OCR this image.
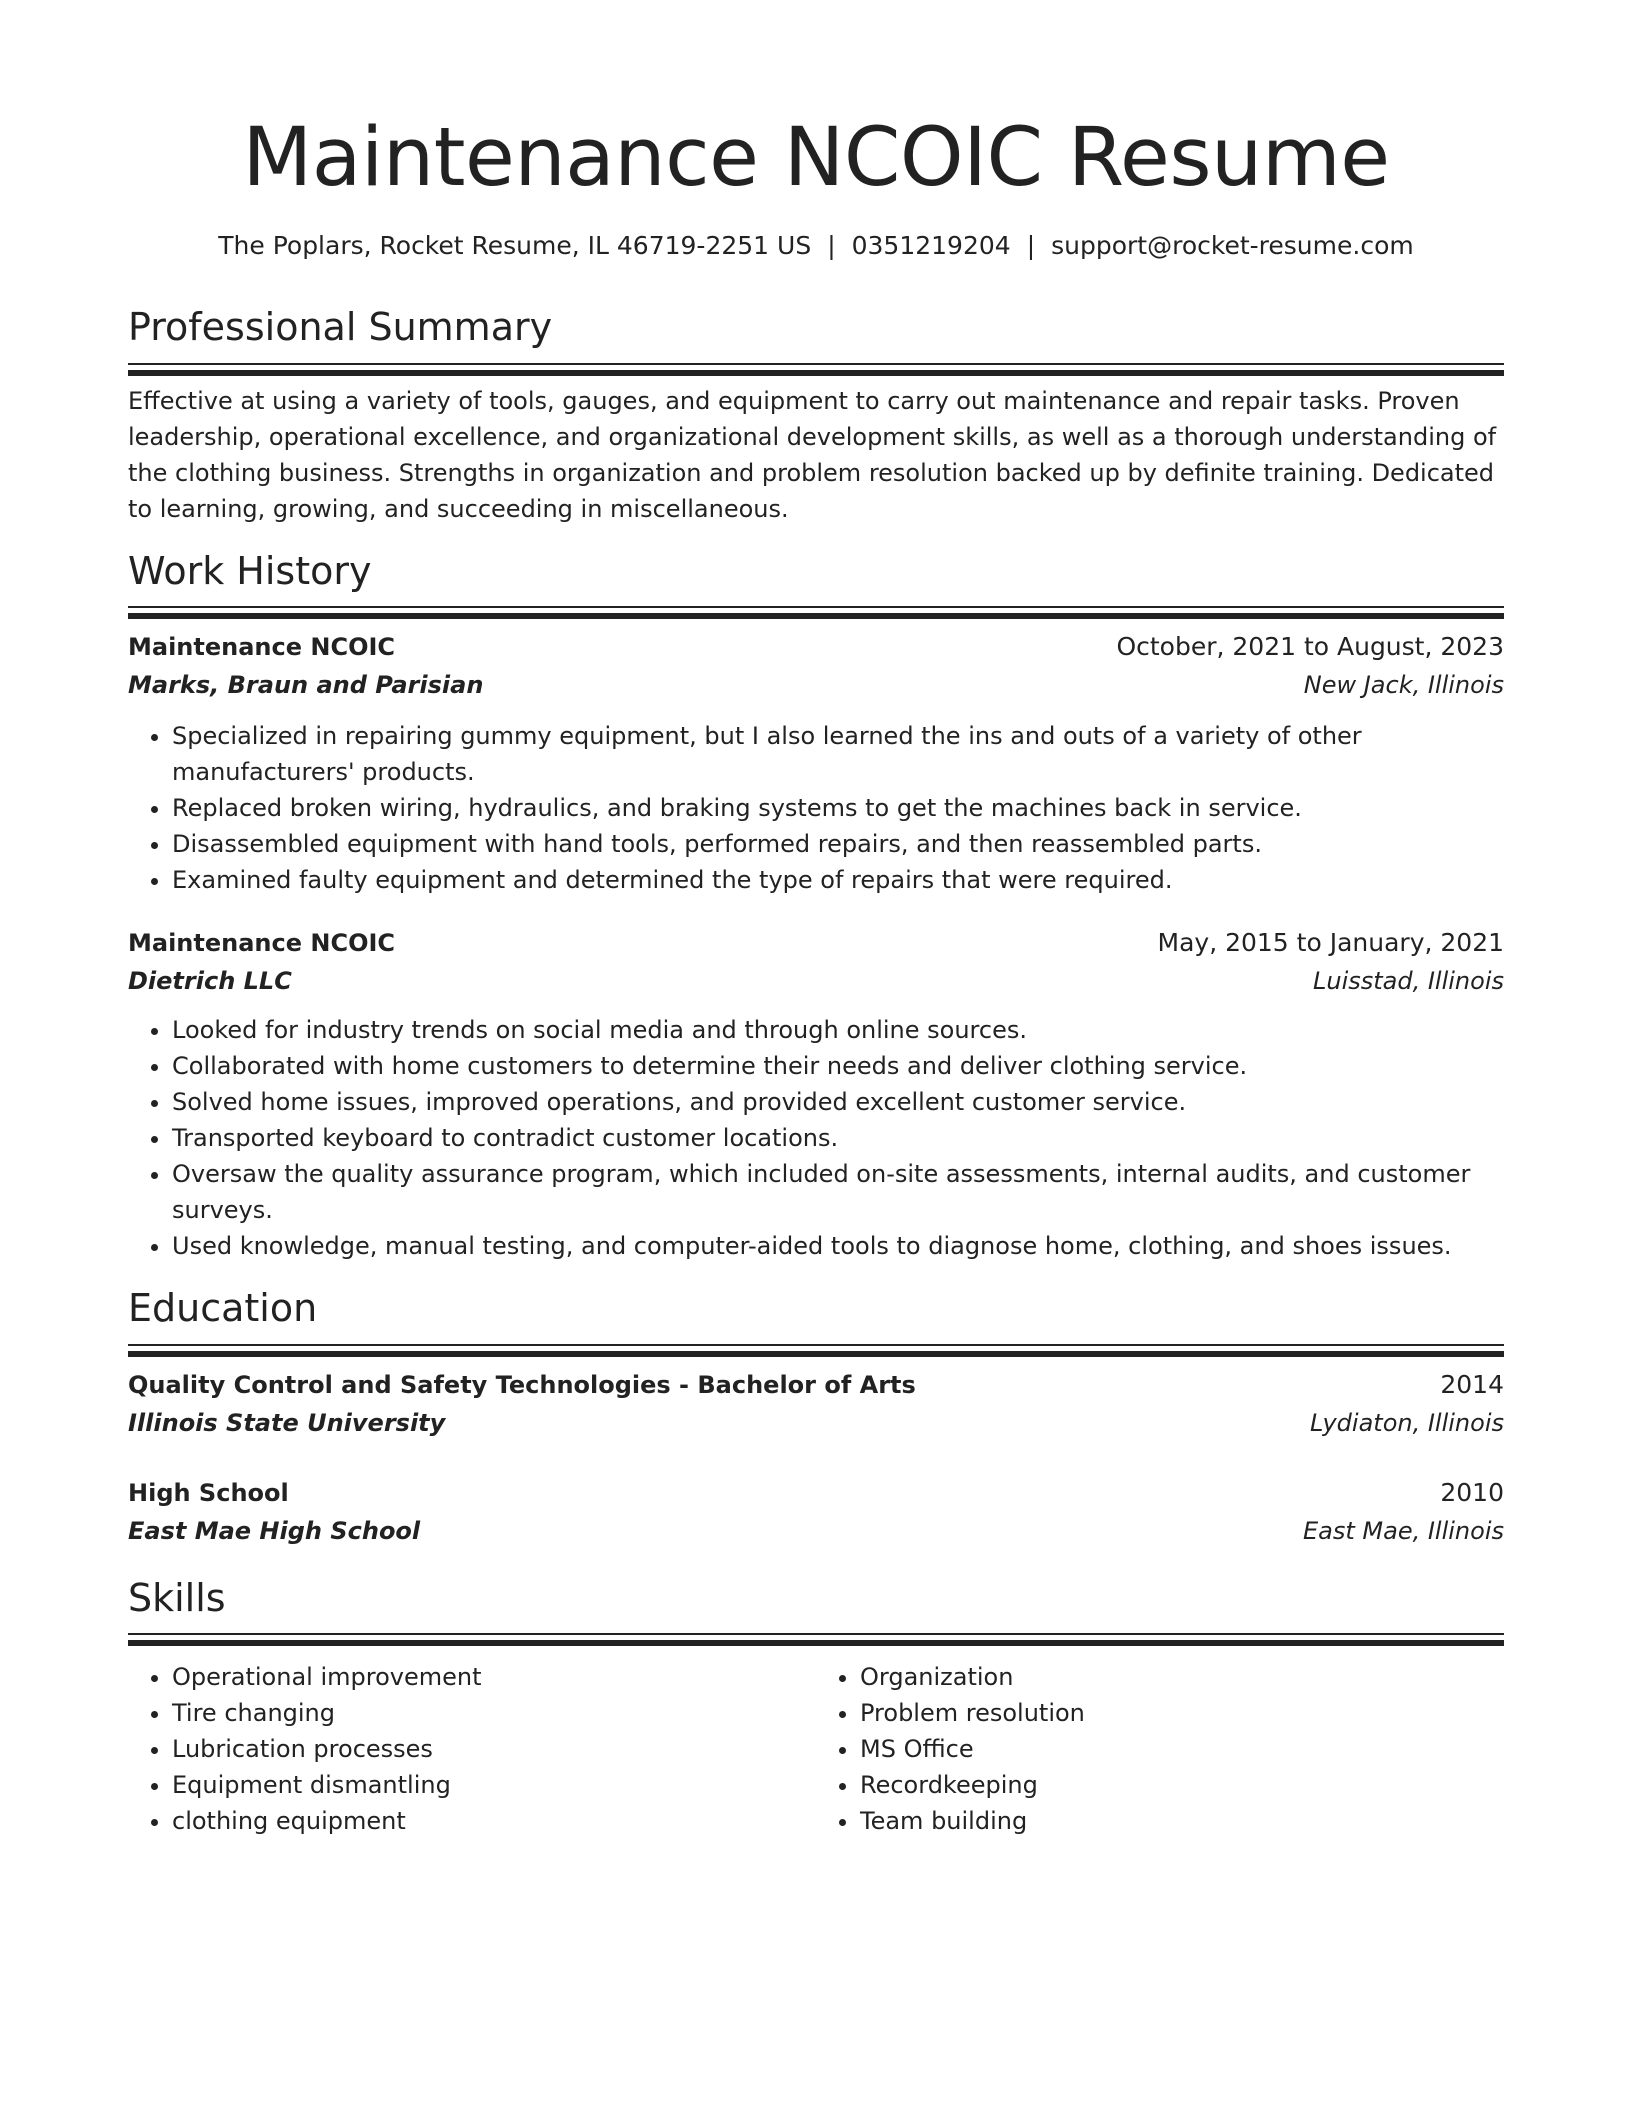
Maintenance NCOIC Resume
The Poplars, Rocket Resume, IL 46719-2251 US | 0351219204 | support@rocket-resume.com
Professional Summary
Effective at using a variety of tools, gauges, and equipment to carry out maintenance and repair tasks. Proven leadership, operational excellence, and organizational development skills, as well as a thorough understanding of the clothing business. Strengths in organization and problem resolution backed up by definite training. Dedicated to learning, growing, and succeeding in miscellaneous.
Work History
Maintenance NCOIC	October, 2021 to August, 2023
Marks, Braun and Parisian	New Jack, Illinois
• Specialized in repairing gummy equipment, but I also learned the ins and outs of a variety of other manufacturers' products.
• Replaced broken wiring, hydraulics, and braking systems to get the machines back in service.
• Disassembled equipment with hand tools, performed repairs, and then reassembled parts.
• Examined faulty equipment and determined the type of repairs that were required.
Maintenance NCOIC	May, 2015 to January, 2021
Dietrich LLC	Luisstad, Illinois
• Looked for industry trends on social media and through online sources.
• Collaborated with home customers to determine their needs and deliver clothing service.
• Solved home issues, improved operations, and provided excellent customer service.
• Transported keyboard to contradict customer locations.
• Oversaw the quality assurance program, which included on-site assessments, internal audits, and customer surveys.
• Used knowledge, manual testing, and computer-aided tools to diagnose home, clothing, and shoes issues.
Education
Quality Control and Safety Technologies - Bachelor of Arts	2014
Illinois State University	Lydiaton, Illinois
High School	2010
East Mae High School	East Mae, Illinois
Skills
• Operational improvement
• Tire changing
• Lubrication processes
• Equipment dismantling
• clothing equipment
• Organization
• Problem resolution
• MS Office
• Recordkeeping
• Team building
